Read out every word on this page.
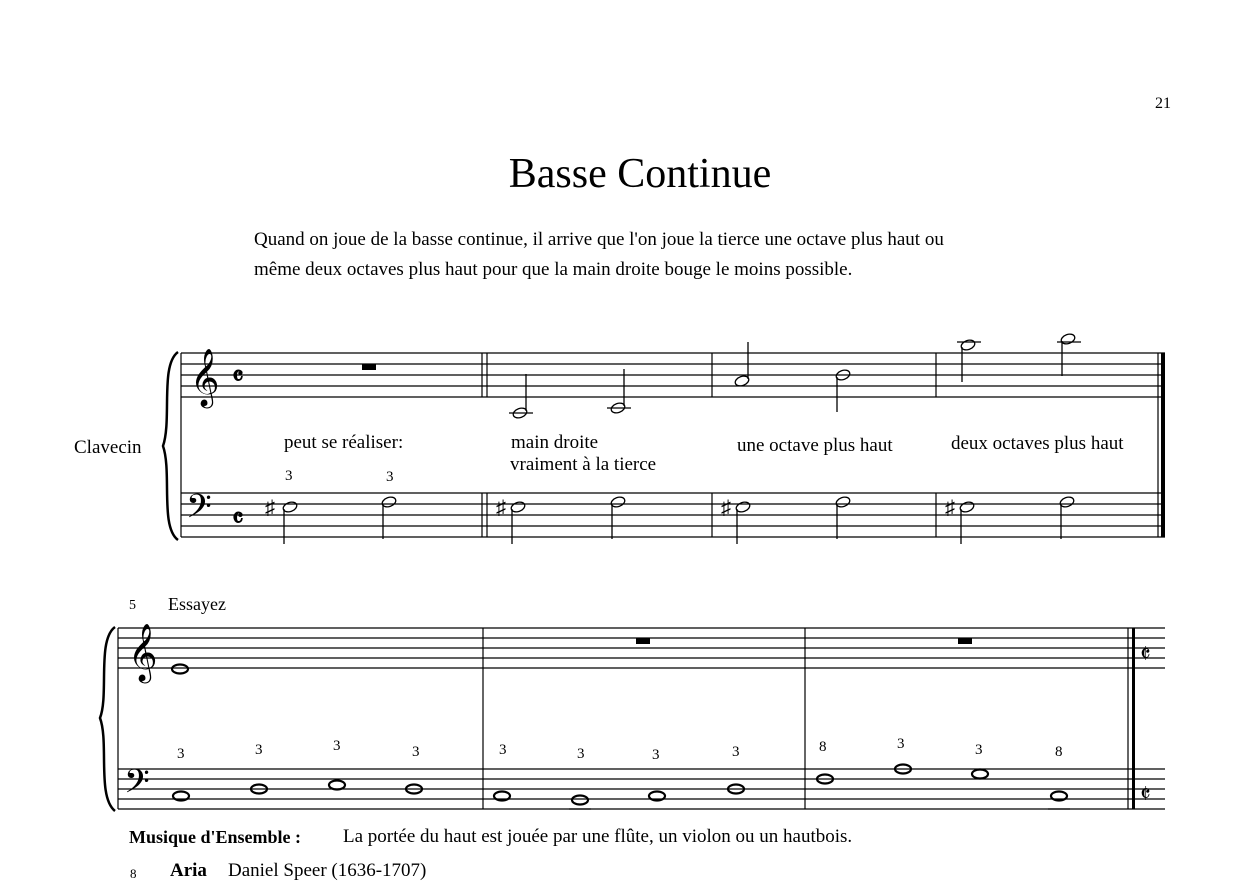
21
Basse Continue
Quand on joue de la basse continue, il arrive que l'on joue la tierce une octave plus haut ou
même deux octaves plus haut pour que la main droite bouge le moins possible.
𝄞 𝄴
𝄢 𝄴
𝄞
𝄢
𝄵
𝄵
♯	♯	♯	♯
Clavecin	peut se réaliser:	main droite
vraiment à la tierce
une octave plus haut	deux octaves plus haut
3	3
5 Essayez
3	3	3	3	3	3	3	3	8	3	3	8
Musique d'Ensemble : La portée du haut est jouée par une flûte, un violon ou un hautbois.
8 Aria Daniel Speer (1636-1707)
